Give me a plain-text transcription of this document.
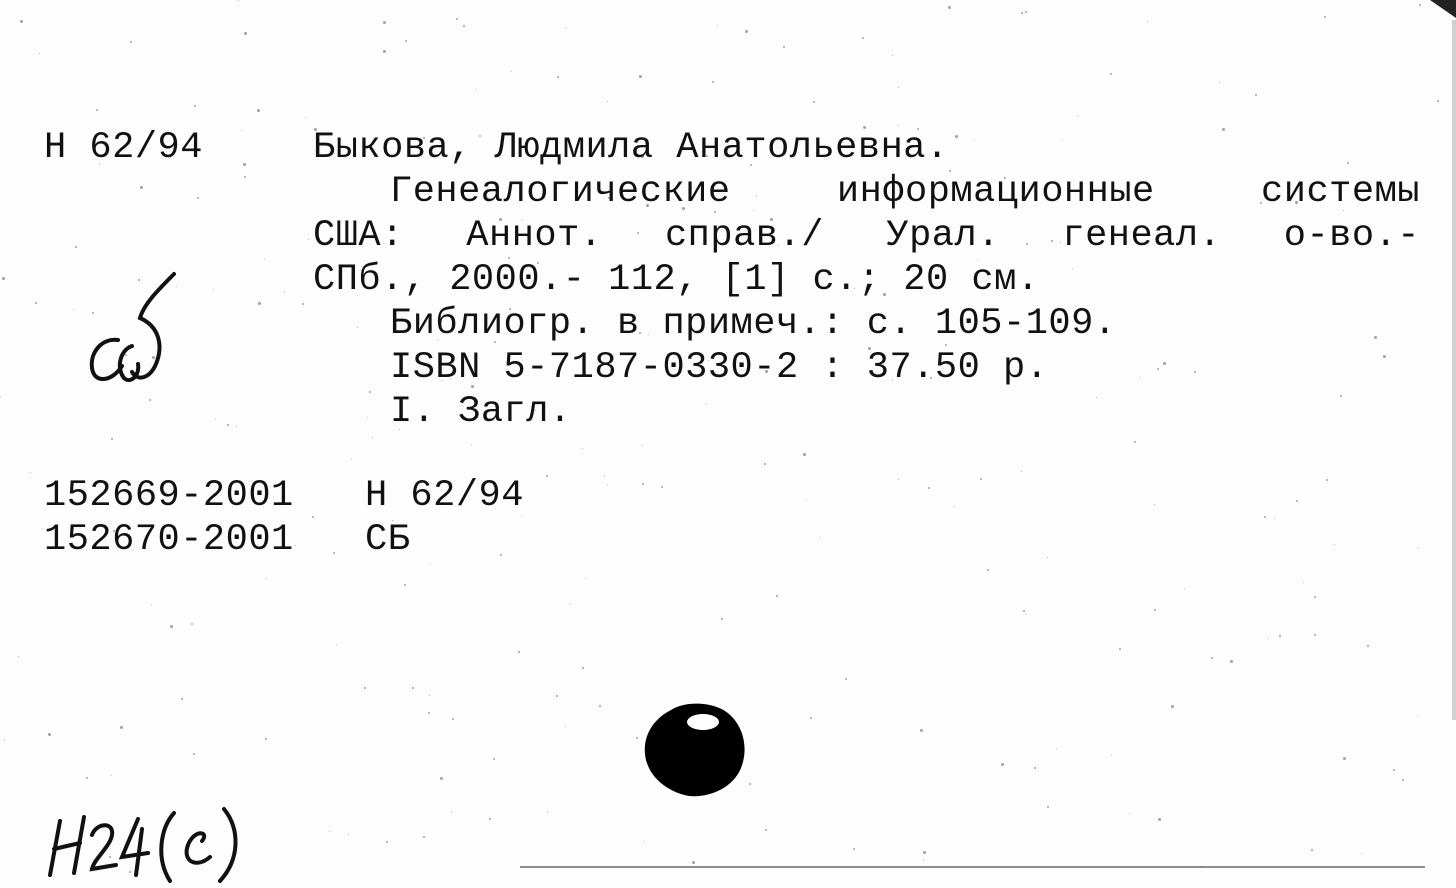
Н 62/94	Быкова, Людмила Анатольевна.
Генеалогические информационные системы
США: Аннот. справ./ Урал. генеал. о-во.-
СПб., 2000.- 112, [1] с.; 20 см.
Библиогр. в примеч.: с. 105-109.
ISBN 5-7187-0330-2 : 37.50 р.
I. Загл.
152669-2001 Н 62/94
152670-2001 СБ
